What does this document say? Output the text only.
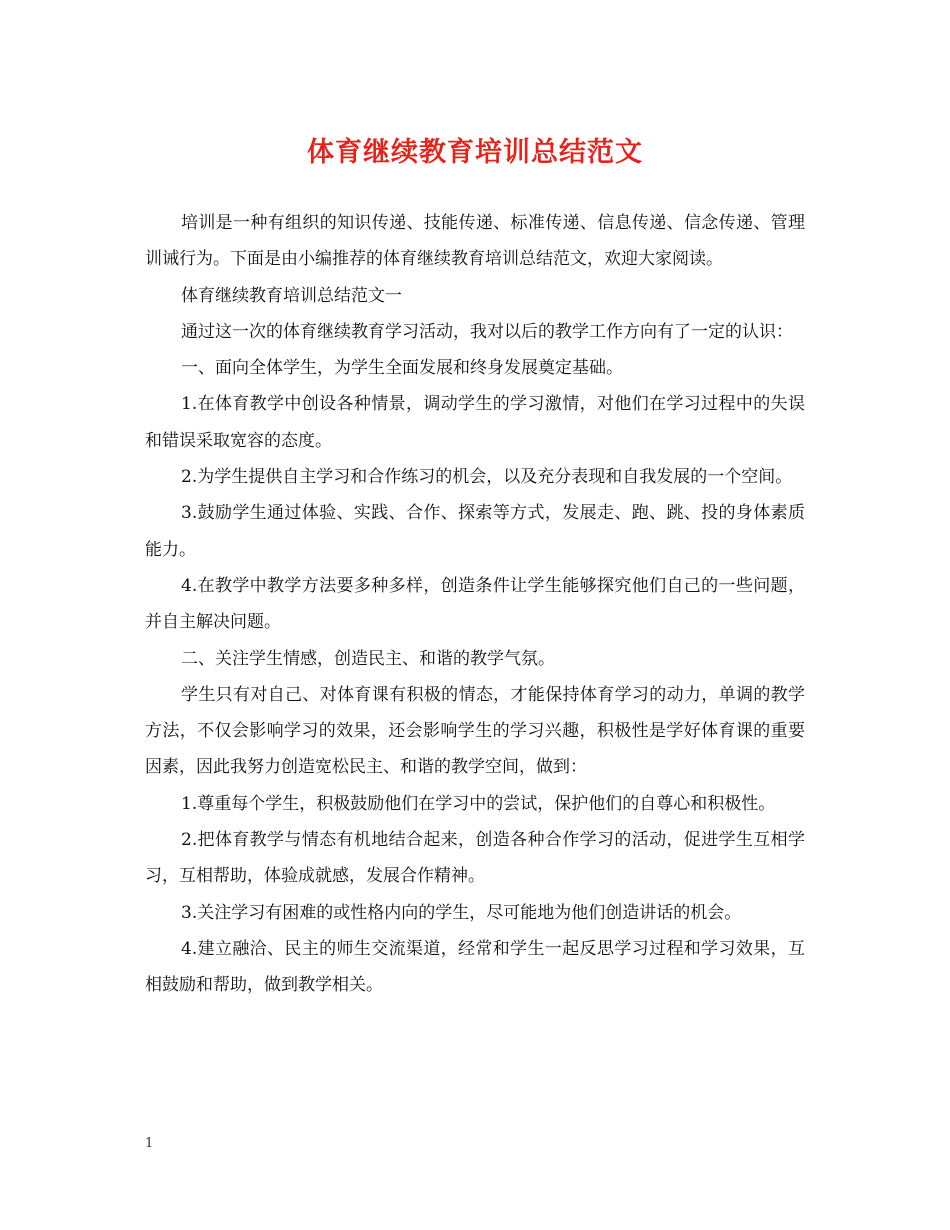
体育继续教育培训总结范文

培训是一种有组织的知识传递、技能传递、标准传递、信息传递、信念传递、管理训诫行为。下面是由小编推荐的体育继续教育培训总结范文，欢迎大家阅读。

体育继续教育培训总结范文一

通过这一次的体育继续教育学习活动，我对以后的教学工作方向有了一定的认识：

一、面向全体学生，为学生全面发展和终身发展奠定基础。

1.在体育教学中创设各种情景，调动学生的学习激情，对他们在学习过程中的失误和错误采取宽容的态度。

2.为学生提供自主学习和合作练习的机会，以及充分表现和自我发展的一个空间。

3.鼓励学生通过体验、实践、合作、探索等方式，发展走、跑、跳、投的身体素质能力。

4.在教学中教学方法要多种多样，创造条件让学生能够探究他们自己的一些问题，并自主解决问题。

二、关注学生情感，创造民主、和谐的教学气氛。

学生只有对自己、对体育课有积极的情态，才能保持体育学习的动力，单调的教学方法，不仅会影响学习的效果，还会影响学生的学习兴趣，积极性是学好体育课的重要因素，因此我努力创造宽松民主、和谐的教学空间，做到：

1.尊重每个学生，积极鼓励他们在学习中的尝试，保护他们的自尊心和积极性。

2.把体育教学与情态有机地结合起来，创造各种合作学习的活动，促进学生互相学习，互相帮助，体验成就感，发展合作精神。

3.关注学习有困难的或性格内向的学生，尽可能地为他们创造讲话的机会。

4.建立融洽、民主的师生交流渠道，经常和学生一起反思学习过程和学习效果，互相鼓励和帮助，做到教学相关。

1
